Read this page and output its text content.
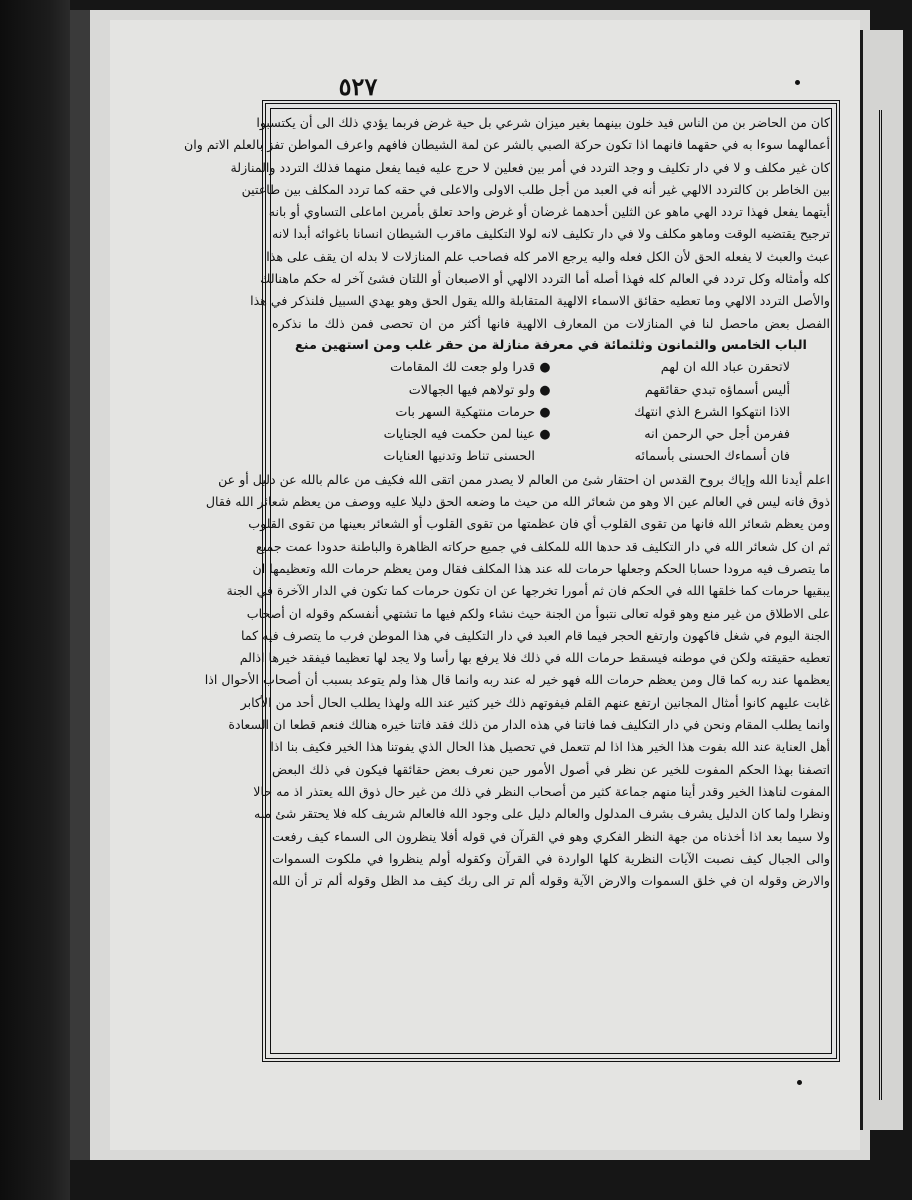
٥٢٧
كان من الحاضر بن من الناس فيد خلون بينهما بغير ميزان شرعي بل حية غرض فربما يؤدي ذلك الى أن يكتسبوا
أعمالهما سوءا به في حقهما فانهما اذا تكون حركة الصبي بالشر عن لمة الشيطان فافهم واعرف المواطن تفز بالعلم الاتم وان
كان غير مكلف و لا في دار تكليف و وجد التردد في أمر بين فعلين لا حرج عليه فيما يفعل منهما فذلك التردد والمنازلة
بين الخاطر بن كالتردد الالهي غير أنه في العبد من أجل طلب الاولى والاعلى في حقه كما تردد المكلف بين طاعتين
أيتهما يفعل فهذا تردد الهي ماهو عن الثلين أحدهما غرضان أو غرض واحد تعلق بأمرين اماعلى التساوي أو بانه
ترجيح يقتضيه الوقت وماهو مكلف ولا في دار تكليف لانه لولا التكليف ماقرب الشيطان انسانا باغوائه أبدا لانه
عبث والعبث لا يفعله الحق لأن الكل فعله واليه يرجع الامر كله فصاحب علم المنازلات لا بدله ان يقف على هذا
كله وأمثاله وكل تردد في العالم كله فهذا أصله أما التردد الالهي أو الاصبعان أو اللتان فشئ آخر له حكم ماهنالك
والأصل التردد الالهي وما تعطيه حقائق الاسماء الالهية المتقابلة والله يقول الحق وهو يهدي السبيل فلنذكر في هذا
الفصل بعض ماحصل لنا في المنازلات من المعارف الالهية فانها أكثر من ان تحصى فمن ذلك ما نذكره
الباب الخامس والثمانون وثلثمائة في معرفة منازلة من حقر غلب ومن استهين منع
لاتحقرن عباد الله ان لهم
●
قدرا ولو جعت لك المقامات
أليس أسماؤه تبدي حقائقهم
●
ولو تولاهم فيها الجهالات
الاذا انتهكوا الشرع الذي انتهك
●
حرمات منتهكية السهر بات
ففرمن أجل حي الرحمن انه
●
عينا لمن حكمت فيه الجنايات
فان أسماءك الحسنى بأسمائه
الحسنى تناط وتدنيها العنايات
اعلم أيدنا الله وإياك بروح القدس ان احتقار شئ من العالم لا يصدر ممن اتقى الله فكيف من عالم بالله عن دليل أو عن
ذوق فانه ليس في العالم عين الا وهو من شعائر الله من حيث ما وضعه الحق دليلا عليه ووصف من يعظم شعائر الله فقال
ومن يعظم شعائر الله فانها من تقوى القلوب أي فان عظمتها من تقوى القلوب أو الشعائر بعينها من تقوى القلوب
ثم ان كل شعائر الله في دار التكليف قد حدها الله للمكلف في جميع حركاته الظاهرة والباطنة حدودا عمت جميع
ما يتصرف فيه مرودا حسابا الحكم وجعلها حرمات لله عند هذا المكلف فقال ومن يعظم حرمات الله وتعظيمها ان
يبقيها حرمات كما خلقها الله في الحكم فان ثم أمورا تخرجها عن ان تكون حرمات كما تكون في الدار الآخرة في الجنة
على الاطلاق من غير منع وهو قوله تعالى نتبوأ من الجنة حيث نشاء ولكم فيها ما تشتهي أنفسكم وقوله ان أصحاب
الجنة اليوم في شغل فاكهون وارتفع الحجر فيما قام العبد في دار التكليف في هذا الموطن فرب ما يتصرف فيه كما
تعطيه حقيقته ولكن في موطنه فيسقط حرمات الله في ذلك فلا يرفع بها رأسا ولا يجد لها تعظيما فيفقد خيرها اذالم
يعظمها عند ربه كما قال ومن يعظم حرمات الله فهو خير له عند ربه وانما قال هذا ولم يتوعد بسبب أن أصحاب الأحوال اذا
غابت عليهم كانوا أمثال المجانين ارتفع عنهم القلم فيفوتهم ذلك خير كثير عند الله ولهذا يطلب الحال أحد من الأكابر
وانما يطلب المقام ونحن في دار التكليف فما فاتنا في هذه الدار من ذلك فقد فاتنا خيره هنالك فنعم قطعا ان السعادة
أهل العناية عند الله بفوت هذا الخير هذا اذا لم تتعمل في تحصيل هذا الحال الذي يفوتنا هذا الخير فكيف بنا اذا
اتصفنا بهذا الحكم المفوت للخير عن نظر في أصول الأمور حين نعرف بعض حقائقها فيكون في ذلك البعض
المفوت لناهذا الخير وقدر أينا منهم جماعة كثير من أصحاب النظر في ذلك من غير حال ذوق الله يعتذر اذ مه حالا
ونظرا ولما كان الدليل يشرف بشرف المدلول والعالم دليل على وجود الله فالعالم شريف كله فلا يحتقر شئ منه
ولا سيما بعد اذا أخذناه من جهة النظر الفكري وهو في القرآن في قوله أفلا ينظرون الى السماء كيف رفعت
والى الجبال كيف نصبت الآيات النظرية كلها الواردة في القرآن وكقوله أولم ينظروا في ملكوت السموات
والارض وقوله ان في خلق السموات والارض الآية وقوله ألم تر الى ربك كيف مد الظل وقوله ألم تر أن الله
